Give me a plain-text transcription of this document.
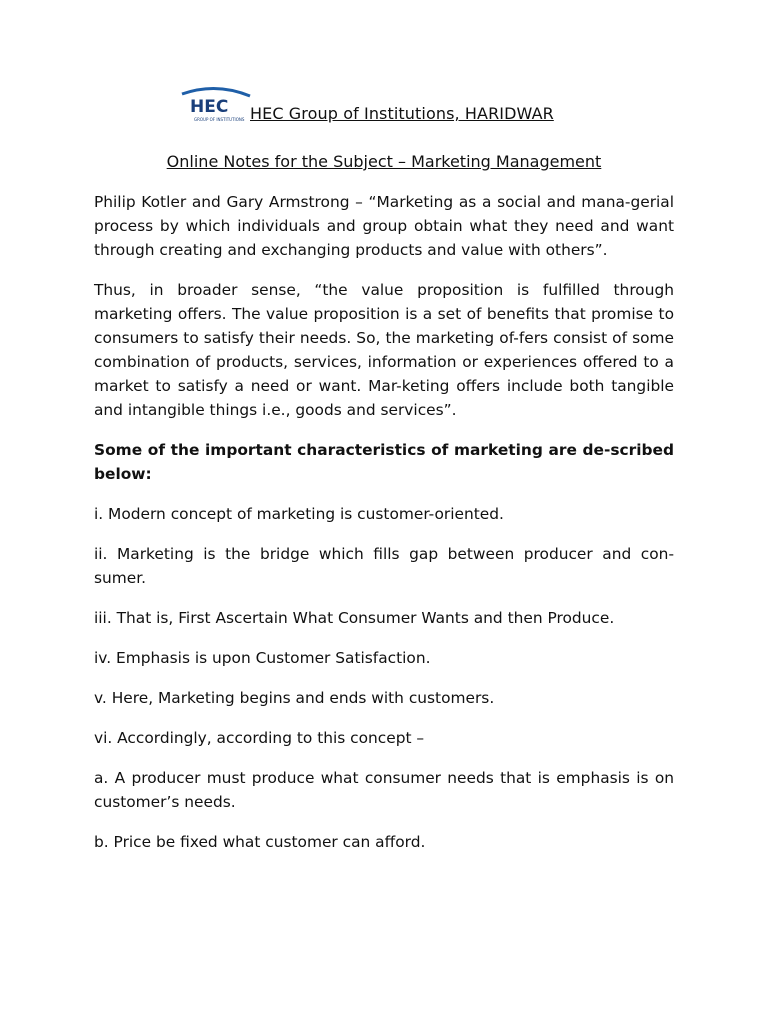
HEC
GROUP OF INSTITUTIONS HEC Group of Institutions, HARIDWAR
Online Notes for the Subject – Marketing Management

Philip Kotler and Gary Armstrong – “Marketing as a social and mana-gerial process by which individuals and group obtain what they need and want through creating and exchanging products and value with others”.

Thus, in broader sense, “the value proposition is fulfilled through marketing offers. The value proposition is a set of benefits that promise to consumers to satisfy their needs. So, the marketing of-fers consist of some combination of products, services, information or experiences offered to a market to satisfy a need or want. Mar-keting offers include both tangible and intangible things i.e., goods and services”.

Some of the important characteristics of marketing are de-scribed below:

i. Modern concept of marketing is customer-oriented.

ii. Marketing is the bridge which fills gap between producer and con-sumer.

iii. That is, First Ascertain What Consumer Wants and then Produce.

iv. Emphasis is upon Customer Satisfaction.

v. Here, Marketing begins and ends with customers.

vi. Accordingly, according to this concept –

a. A producer must produce what consumer needs that is emphasis is on customer’s needs.

b. Price be fixed what customer can afford.
